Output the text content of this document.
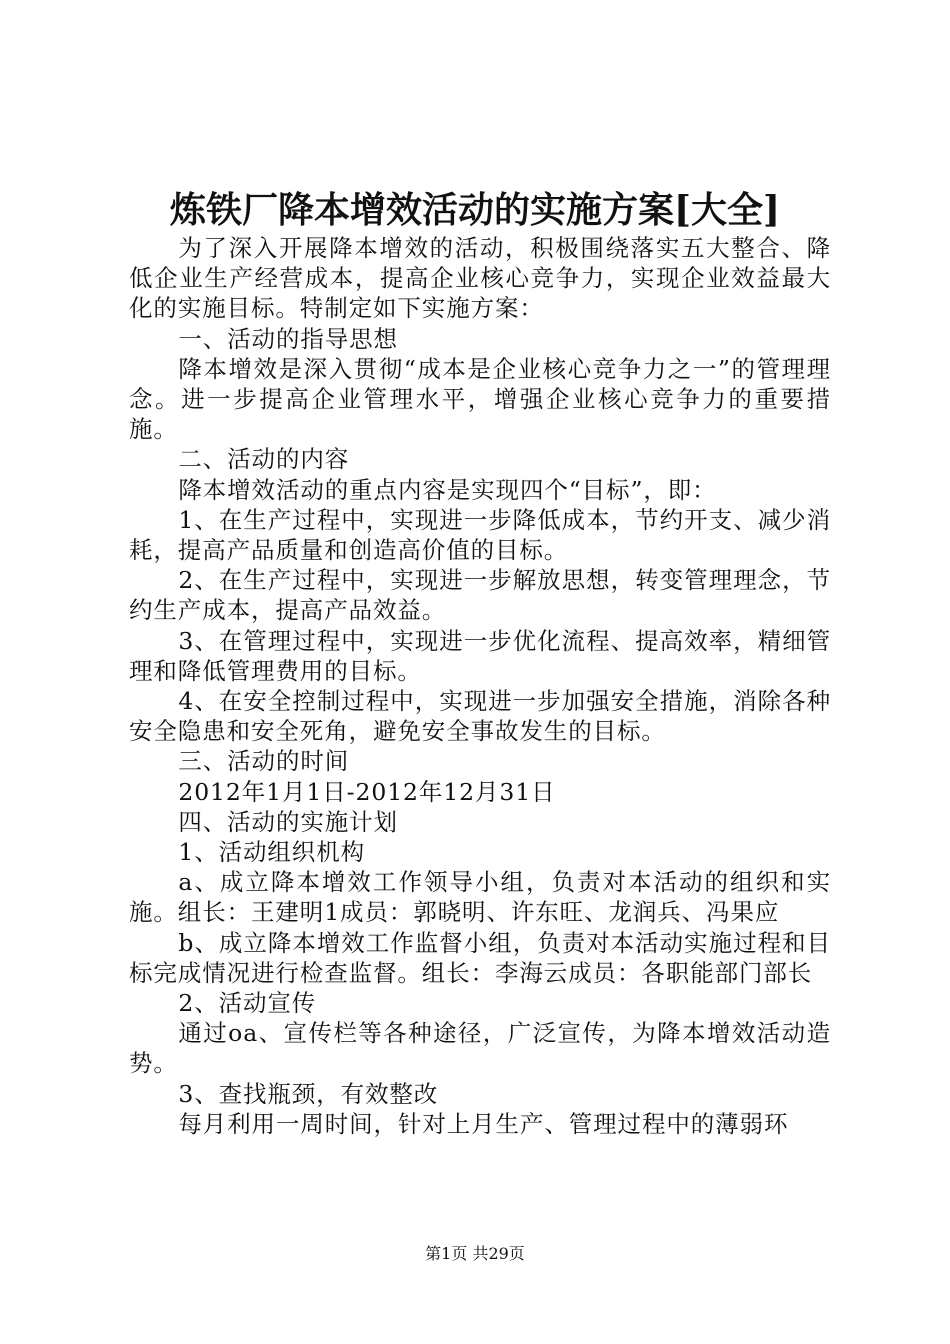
炼铁厂降本增效活动的实施方案[大全]

为了深入开展降本增效的活动，积极围绕落实五大整合、降低企业生产经营成本，提高企业核心竞争力，实现企业效益最大化的实施目标。特制定如下实施方案：

一、活动的指导思想

降本增效是深入贯彻“成本是企业核心竞争力之一”的管理理念。进一步提高企业管理水平，增强企业核心竞争力的重要措施。

二、活动的内容

降本增效活动的重点内容是实现四个“目标”，即：

1、在生产过程中，实现进一步降低成本，节约开支、减少消耗，提高产品质量和创造高价值的目标。

2、在生产过程中，实现进一步解放思想，转变管理理念，节约生产成本，提高产品效益。

3、在管理过程中，实现进一步优化流程、提高效率，精细管理和降低管理费用的目标。

4、在安全控制过程中，实现进一步加强安全措施，消除各种安全隐患和安全死角，避免安全事故发生的目标。

三、活动的时间

2012年1月1日-2012年12月31日

四、活动的实施计划

1、活动组织机构

a、成立降本增效工作领导小组，负责对本活动的组织和实施。组长：王建明1成员：郭晓明、许东旺、龙润兵、冯果应

b、成立降本增效工作监督小组，负责对本活动实施过程和目标完成情况进行检查监督。组长：李海云成员：各职能部门部长

2、活动宣传

通过oa、宣传栏等各种途径，广泛宣传，为降本增效活动造势。

3、查找瓶颈，有效整改

每月利用一周时间，针对上月生产、管理过程中的薄弱环

第1页 共29页
